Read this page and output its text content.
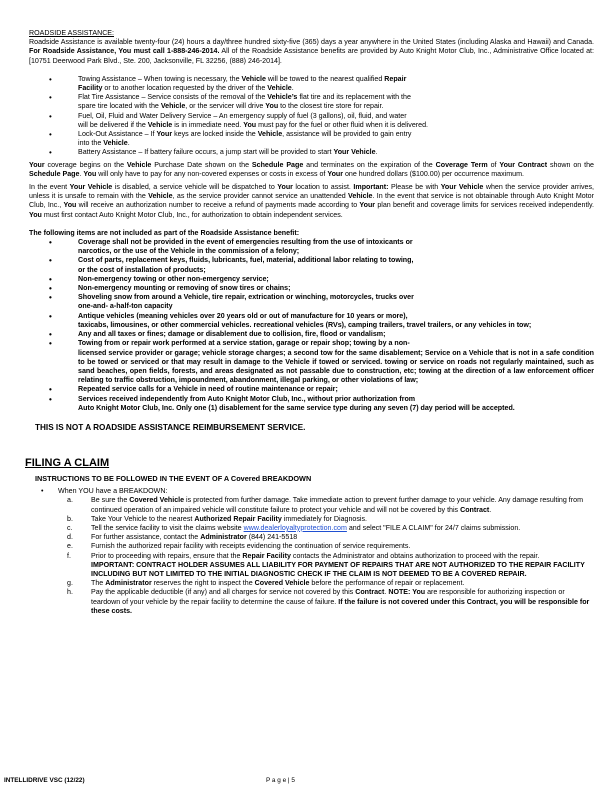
ROADSIDE ASSISTANCE:

Roadside Assistance is available twenty-four (24) hours a day/three hundred sixty-five (365) days a year anywhere in the United States (including Alaska and Hawaii) and Canada. For Roadside Assistance, You must call 1-888-246-2014. All of the Roadside Assistance benefits are provided by Auto Knight Motor Club, Inc., Administrative Office located at: [10751 Deerwood Park Blvd., Ste. 200, Jacksonville, FL 32256, (888) 246-2014].

• Towing Assistance – When towing is necessary, the Vehicle will be towed to the nearest qualified Repair
Facility or to another location requested by the driver of the Vehicle.
• Flat Tire Assistance – Service consists of the removal of the Vehicle’s flat tire and its replacement with the
spare tire located with the Vehicle, or the servicer will drive You to the closest tire store for repair.
• Fuel, Oil, Fluid and Water Delivery Service – An emergency supply of fuel (3 gallons), oil, fluid, and water
will be delivered if the Vehicle is in immediate need. You must pay for the fuel or other fluid when it is delivered.
• Lock-Out Assistance – If Your keys are locked inside the Vehicle, assistance will be provided to gain entry
into the Vehicle.
• Battery Assistance – If battery failure occurs, a jump start will be provided to start Your Vehicle.

Your coverage begins on the Vehicle Purchase Date shown on the Schedule Page and terminates on the expiration of the Coverage Term of Your Contract shown on the Schedule Page. You will only have to pay for any non-covered expenses or costs in excess of Your one hundred dollars ($100.00) per occurrence maximum.

In the event Your Vehicle is disabled, a service vehicle will be dispatched to Your location to assist. Important: Please be with Your Vehicle when the service provider arrives, unless it is unsafe to remain with the Vehicle, as the service provider cannot service an unattended Vehicle. In the event that service is not obtainable through Auto Knight Motor Club, Inc., You will receive an authorization number to receive a refund of payments made according to Your plan benefit and coverage limits for services received independently. You must first contact Auto Knight Motor Club, Inc., for authorization to obtain independent services.

The following items are not included as part of the Roadside Assistance benefit:

• Coverage shall not be provided in the event of emergencies resulting from the use of intoxicants or
narcotics, or the use of the Vehicle in the commission of a felony;
• Cost of parts, replacement keys, fluids, lubricants, fuel, material, additional labor relating to towing,
or the cost of installation of products;
• Non-emergency towing or other non-emergency service;
• Non-emergency mounting or removing of snow tires or chains;
• Shoveling snow from around a Vehicle, tire repair, extrication or winching, motorcycles, trucks over
one-and- a-half-ton capacity
• Antique vehicles (meaning vehicles over 20 years old or out of manufacture for 10 years or more),
taxicabs, limousines, or other commercial vehicles. recreational vehicles (RVs), camping trailers, travel trailers, or any vehicles in tow;
• Any and all taxes or fines; damage or disablement due to collision, fire, flood or vandalism;
• Towing from or repair work performed at a service station, garage or repair shop; towing by a non-
licensed service provider or garage; vehicle storage charges; a second tow for the same disablement; Service on a Vehicle that is not in a safe condition to be towed or serviced or that may result in damage to the Vehicle if towed or serviced. towing or service on roads not regularly maintained, such as sand beaches, open fields, forests, and areas designated as not passable due to construction, etc; towing at the direction of a law enforcement officer relating to traffic obstruction, impoundment, abandonment, illegal parking, or other violations of law;
• Repeated service calls for a Vehicle in need of routine maintenance or repair;
• Services received independently from Auto Knight Motor Club, Inc., without prior authorization from
Auto Knight Motor Club, Inc. Only one (1) disablement for the same service type during any seven (7) day period will be accepted.

THIS IS NOT A ROADSIDE ASSISTANCE REIMBURSEMENT SERVICE.

FILING A CLAIM

INSTRUCTIONS TO BE FOLLOWED IN THE EVENT OF A Covered BREAKDOWN

• When YOU have a BREAKDOWN:

a.	Be sure the Covered Vehicle is protected from further damage. Take immediate action to prevent further damage to your vehicle. Any damage resulting from continued operation of an impaired vehicle will constitute failure to protect your vehicle and will not be covered by this Contract.
b.	Take Your Vehicle to the nearest Authorized Repair Facility immediately for Diagnosis.
c.	Tell the service facility to visit the claims website www.dealerloyaltyprotection.com and select "FILE A CLAIM" for 24/7 claims submission.
d.	For further assistance, contact the Administrator (844) 241-5518
e.	Furnish the authorized repair facility with receipts evidencing the continuation of service requirements.
f.	Prior to proceeding with repairs, ensure that the Repair Facility contacts the Administrator and obtains authorization to proceed with the repair.
IMPORTANT: CONTRACT HOLDER ASSUMES ALL LIABILITY FOR PAYMENT OF REPAIRS THAT ARE NOT AUTHORIZED TO THE REPAIR FACILITY INCLUDING BUT NOT LIMITED TO THE INITIAL DIAGNOSTIC CHECK IF THE CLAIM IS NOT DEEMED TO BE A COVERED REPAIR.
g.	The Administrator reserves the right to inspect the Covered Vehicle before the performance of repair or replacement.
h.	Pay the applicable deductible (if any) and all charges for service not covered by this Contract. NOTE: You are responsible for authorizing inspection or teardown of your vehicle by the repair facility to determine the cause of failure. If the failure is not covered under this Contract, you will be responsible for these costs.
INTELLIDRIVE VSC (12/22)	P a g e | 5
